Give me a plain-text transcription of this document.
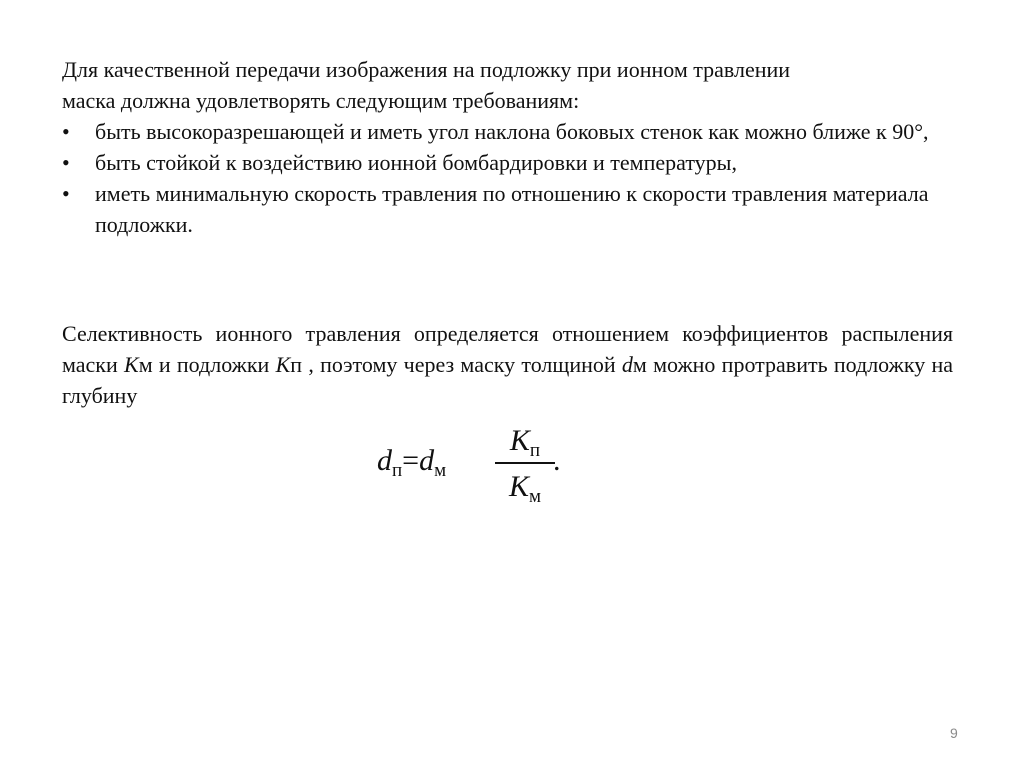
Для качественной передачи изображения на подложку при ионном травлении
маска должна удовлетворять следующим требованиям:

• быть высокоразрешающей и иметь угол наклона боковых стенок как можно ближе к 90°,
• быть стойкой к воздействию ионной бомбардировки и температуры,
• иметь минимальную скорость травления по отношению к скорости травления материала подложки.

Селективность ионного травления определяется отношением коэффициентов распыления маски Kм и подложки Kп , поэтому через маску толщиной dм можно протравить подложку на глубину

$d_п=d_м$
$K_п$
$K_м$
.
9
